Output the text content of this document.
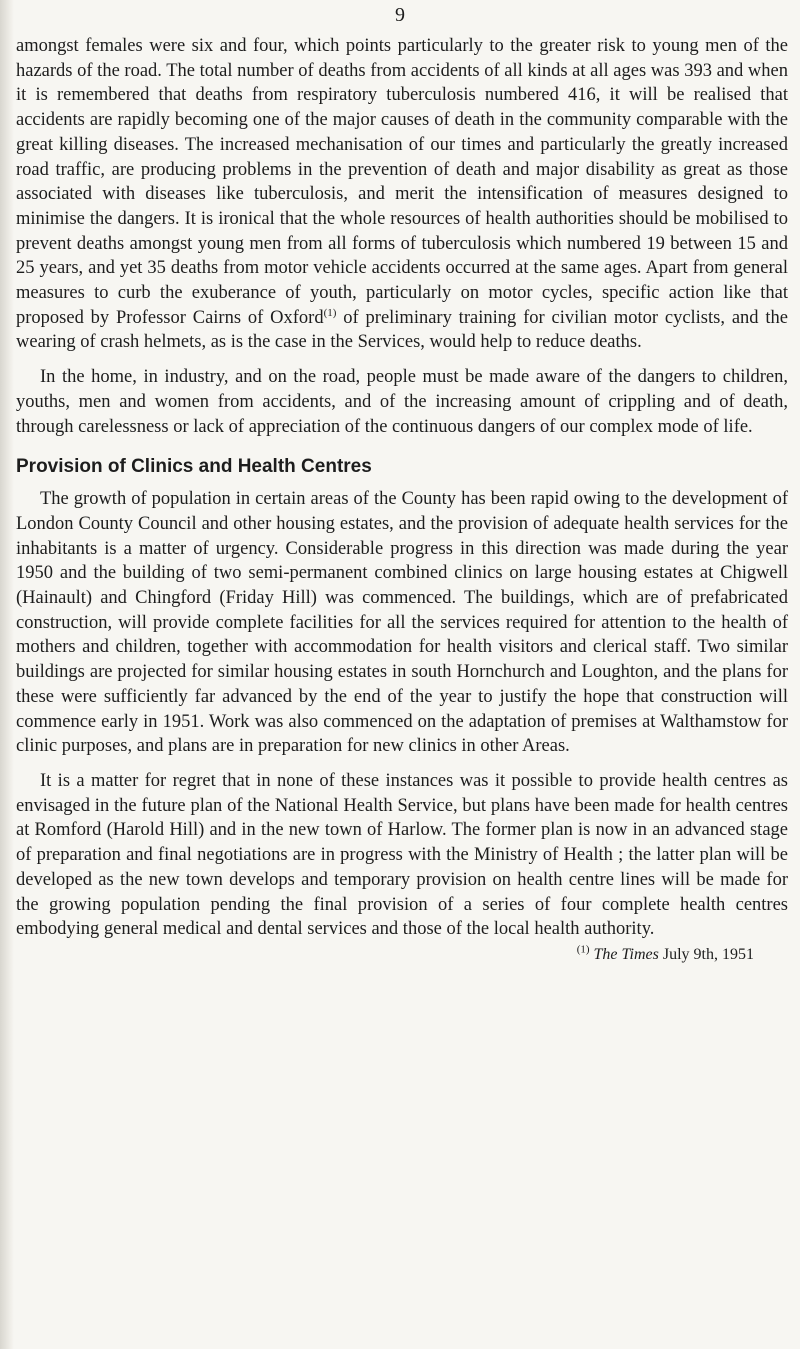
9

amongst females were six and four, which points particularly to the greater risk to young men of the hazards of the road. The total number of deaths from accidents of all kinds at all ages was 393 and when it is remembered that deaths from respiratory tuberculosis numbered 416, it will be realised that accidents are rapidly becoming one of the major causes of death in the community comparable with the great killing diseases. The increased mechanisation of our times and particularly the greatly increased road traffic, are producing problems in the prevention of death and major disability as great as those associated with diseases like tuberculosis, and merit the intensification of measures designed to minimise the dangers. It is ironical that the whole resources of health authorities should be mobilised to prevent deaths amongst young men from all forms of tuberculosis which numbered 19 between 15 and 25 years, and yet 35 deaths from motor vehicle accidents occurred at the same ages. Apart from general measures to curb the exuberance of youth, particularly on motor cycles, specific action like that proposed by Professor Cairns of Oxford$^{(1)}$ of preliminary training for civilian motor cyclists, and the wearing of crash helmets, as is the case in the Services, would help to reduce deaths.

In the home, in industry, and on the road, people must be made aware of the dangers to children, youths, men and women from accidents, and of the increasing amount of crippling and of death, through carelessness or lack of appreciation of the continuous dangers of our complex mode of life.

Provision of Clinics and Health Centres

The growth of population in certain areas of the County has been rapid owing to the development of London County Council and other housing estates, and the provision of adequate health services for the inhabitants is a matter of urgency. Considerable progress in this direction was made during the year 1950 and the building of two semi-permanent combined clinics on large housing estates at Chigwell (Hainault) and Chingford (Friday Hill) was commenced. The buildings, which are of prefabricated construction, will provide complete facilities for all the services required for attention to the health of mothers and children, together with accommodation for health visitors and clerical staff. Two similar buildings are projected for similar housing estates in south Hornchurch and Loughton, and the plans for these were sufficiently far advanced by the end of the year to justify the hope that construction will commence early in 1951. Work was also commenced on the adaptation of premises at Walthamstow for clinic purposes, and plans are in preparation for new clinics in other Areas.

It is a matter for regret that in none of these instances was it possible to provide health centres as envisaged in the future plan of the National Health Service, but plans have been made for health centres at Romford (Harold Hill) and in the new town of Harlow. The former plan is now in an advanced stage of preparation and final negotiations are in progress with the Ministry of Health ; the latter plan will be developed as the new town develops and temporary provision on health centre lines will be made for the growing population pending the final provision of a series of four complete health centres embodying general medical and dental services and those of the local health authority.

$^{(1)}$ The Times July 9th, 1951
